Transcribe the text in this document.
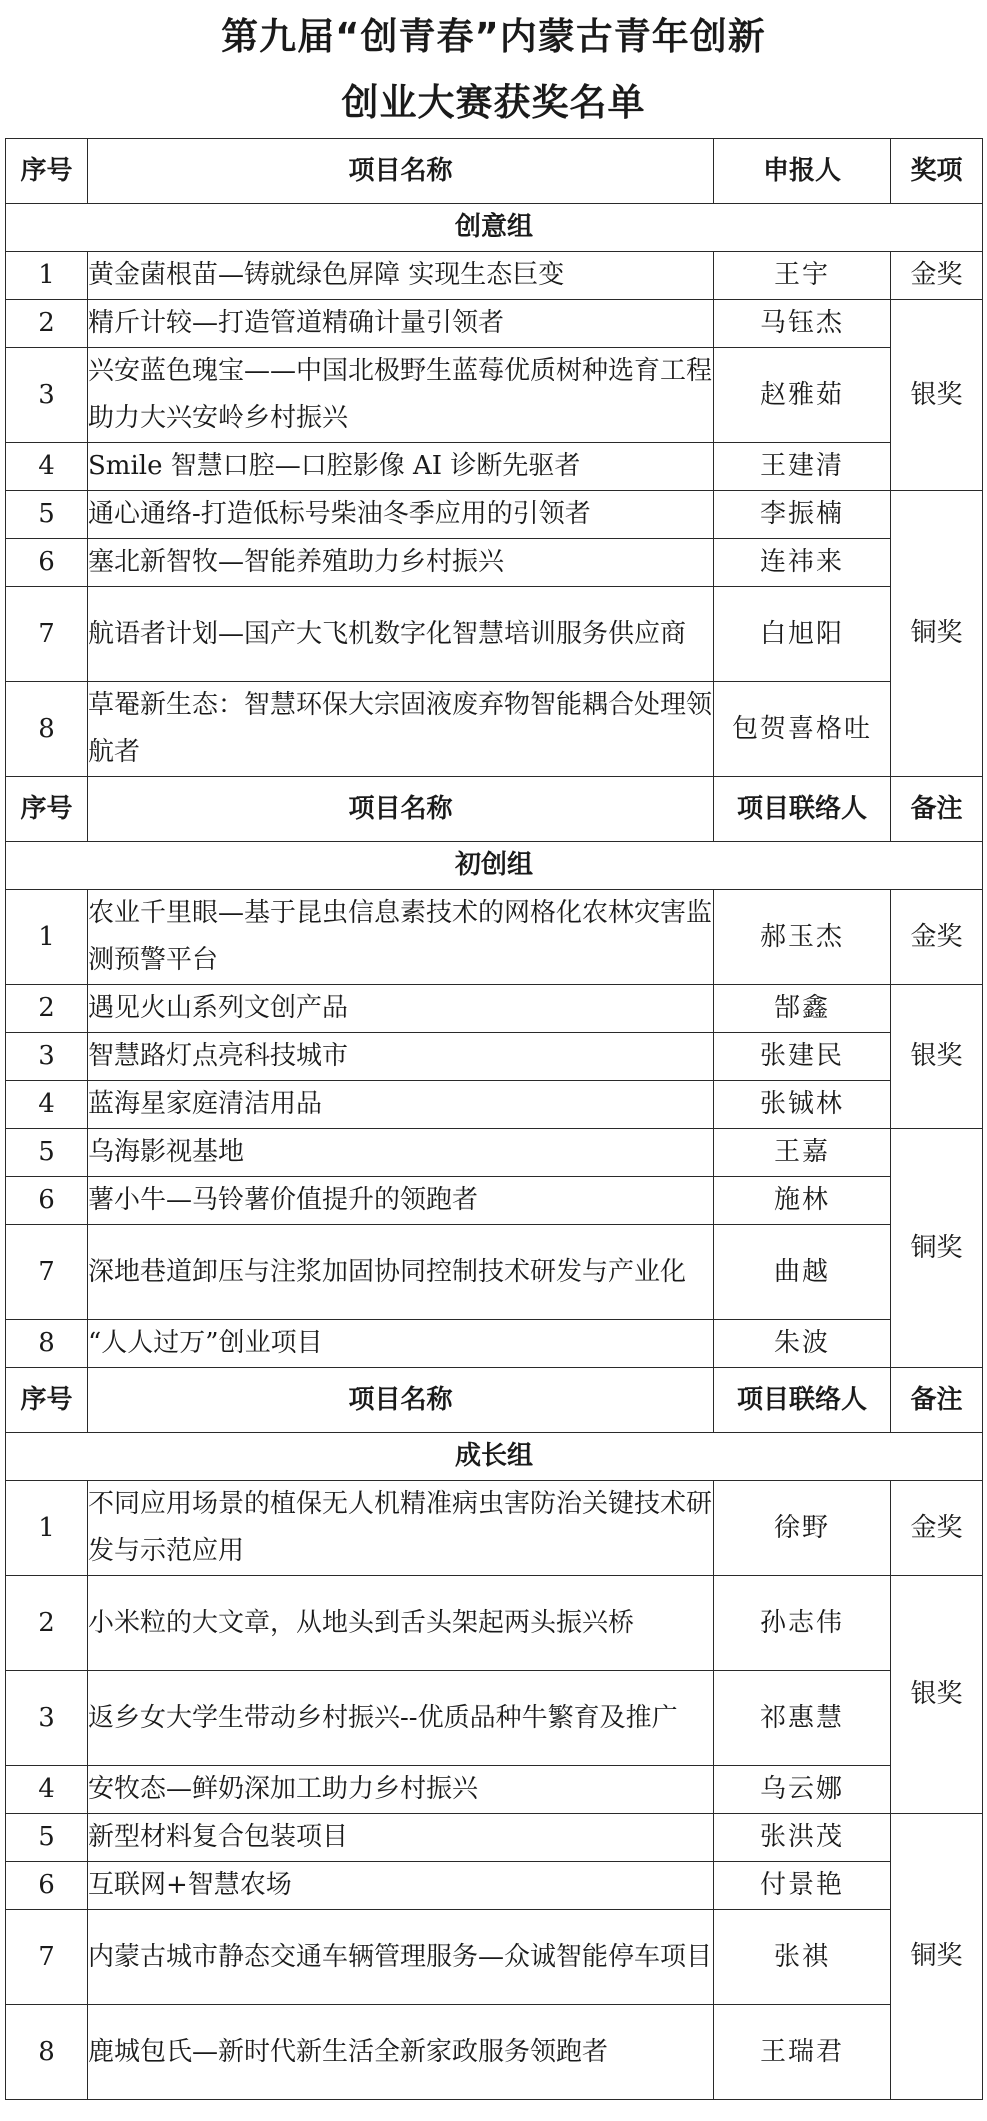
第九届“创青春”内蒙古青年创新
创业大赛获奖名单
序号	项目名称	申报人	奖项
创意组			
1	黄金菌根苗—铸就绿色屏障 实现生态巨变	王宇	金奖
2	精斤计较—打造管道精确计量引领者	马钰杰	银奖
3	兴安蓝色瑰宝——中国北极野生蓝莓优质树种选育工程助力大兴安岭乡村振兴	赵雅茹	
4	Smile 智慧口腔—口腔影像 AI 诊断先驱者	王建清	
5	通心通络-打造低标号柴油冬季应用的引领者	李振楠	铜奖
6	塞北新智牧—智能养殖助力乡村振兴	连祎来	
7	航语者计划—国产大飞机数字化智慧培训服务供应商	白旭阳	
8	草罨新生态：智慧环保大宗固液废弃物智能耦合处理领航者	包贺喜格吐	
序号	项目名称	项目联络人	备注
初创组			
1	农业千里眼—基于昆虫信息素技术的网格化农林灾害监测预警平台	郝玉杰	金奖
2	遇见火山系列文创产品	郜鑫	银奖
3	智慧路灯点亮科技城市	张建民	
4	蓝海星家庭清洁用品	张铖林	
5	乌海影视基地	王嘉	铜奖
6	薯小牛—马铃薯价值提升的领跑者	施林	
7	深地巷道卸压与注浆加固协同控制技术研发与产业化	曲越	
8	“人人过万”创业项目	朱波	
序号	项目名称	项目联络人	备注
成长组			
1	不同应用场景的植保无人机精准病虫害防治关键技术研发与示范应用	徐野	金奖
2	小米粒的大文章，从地头到舌头架起两头振兴桥	孙志伟	银奖
3	返乡女大学生带动乡村振兴--优质品种牛繁育及推广	祁惠慧	
4	安牧态—鲜奶深加工助力乡村振兴	乌云娜	
5	新型材料复合包装项目	张洪茂	铜奖
6	互联网+智慧农场	付景艳	
7	内蒙古城市静态交通车辆管理服务—众诚智能停车项目	张祺	
8	鹿城包氏—新时代新生活全新家政服务领跑者	王瑞君	
